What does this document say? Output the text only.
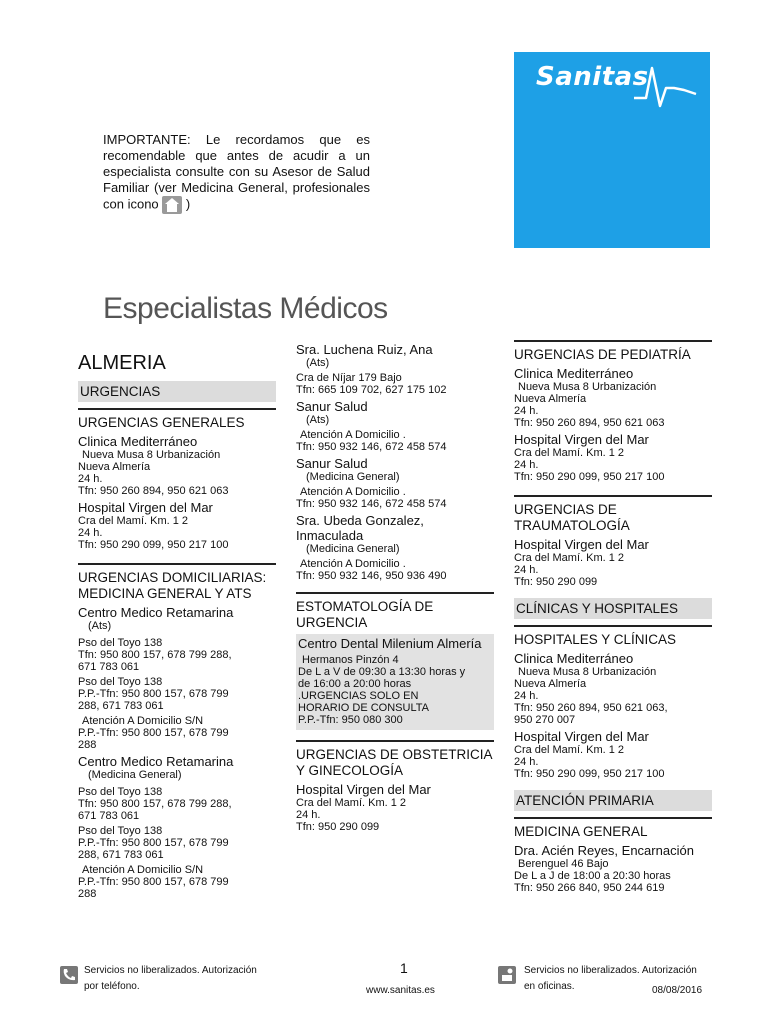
Sanitas
IMPORTANTE: Le recordamos que es recomendable que antes de acudir a un especialista consulte con su Asesor de Salud Familiar (ver Medicina General, profesionales con icono )
Especialistas Médicos
ALMERIA
URGENCIAS
URGENCIAS GENERALES
Clinica Mediterráneo
Nueva Musa 8 Urbanización
Nueva Almería
24 h.
Tfn: 950 260 894, 950 621 063
Hospital Virgen del Mar
Cra del Mamí. Km. 1 2
24 h.
Tfn: 950 290 099, 950 217 100
URGENCIAS DOMICILIARIAS: MEDICINA GENERAL Y ATS
Centro Medico Retamarina
(Ats)
Pso del Toyo 138
Tfn: 950 800 157, 678 799 288,
671 783 061
Pso del Toyo 138
P.P.-Tfn: 950 800 157, 678 799
288, 671 783 061
Atención A Domicilio S/N
P.P.-Tfn: 950 800 157, 678 799
288
Centro Medico Retamarina
(Medicina General)
Pso del Toyo 138
Tfn: 950 800 157, 678 799 288,
671 783 061
Pso del Toyo 138
P.P.-Tfn: 950 800 157, 678 799
288, 671 783 061
Atención A Domicilio S/N
P.P.-Tfn: 950 800 157, 678 799
288
Sra. Luchena Ruiz, Ana
(Ats)
Cra de Níjar 179 Bajo
Tfn: 665 109 702, 627 175 102
Sanur Salud
(Ats)
Atención A Domicilio .
Tfn: 950 932 146, 672 458 574
Sanur Salud
(Medicina General)
Atención A Domicilio .
Tfn: 950 932 146, 672 458 574
Sra. Ubeda Gonzalez, Inmaculada
(Medicina General)
Atención A Domicilio .
Tfn: 950 932 146, 950 936 490
ESTOMATOLOGÍA DE URGENCIA
Centro Dental Milenium Almería
Hermanos Pinzón 4
De L a V de 09:30 a 13:30 horas y
de 16:00 a 20:00 horas
.URGENCIAS SOLO EN
HORARIO DE CONSULTA
P.P.-Tfn: 950 080 300
URGENCIAS DE OBSTETRICIA Y GINECOLOGÍA
Hospital Virgen del Mar
Cra del Mamí. Km. 1 2
24 h.
Tfn: 950 290 099
URGENCIAS DE PEDIATRÍA
Clinica Mediterráneo
Nueva Musa 8 Urbanización
Nueva Almería
24 h.
Tfn: 950 260 894, 950 621 063
Hospital Virgen del Mar
Cra del Mamí. Km. 1 2
24 h.
Tfn: 950 290 099, 950 217 100
URGENCIAS DE TRAUMATOLOGÍA
Hospital Virgen del Mar
Cra del Mamí. Km. 1 2
24 h.
Tfn: 950 290 099
CLÍNICAS Y HOSPITALES
HOSPITALES Y CLÍNICAS
Clinica Mediterráneo
Nueva Musa 8 Urbanización
Nueva Almería
24 h.
Tfn: 950 260 894, 950 621 063,
950 270 007
Hospital Virgen del Mar
Cra del Mamí. Km. 1 2
24 h.
Tfn: 950 290 099, 950 217 100
ATENCIÓN PRIMARIA
MEDICINA GENERAL
Dra. Acién Reyes, Encarnación
Berenguel 46 Bajo
De L a J de 18:00 a 20:30 horas
Tfn: 950 266 840, 950 244 619
Servicios no liberalizados. Autorización
por teléfono.
1
www.sanitas.es
Servicios no liberalizados. Autorización
en oficinas.	08/08/2016
